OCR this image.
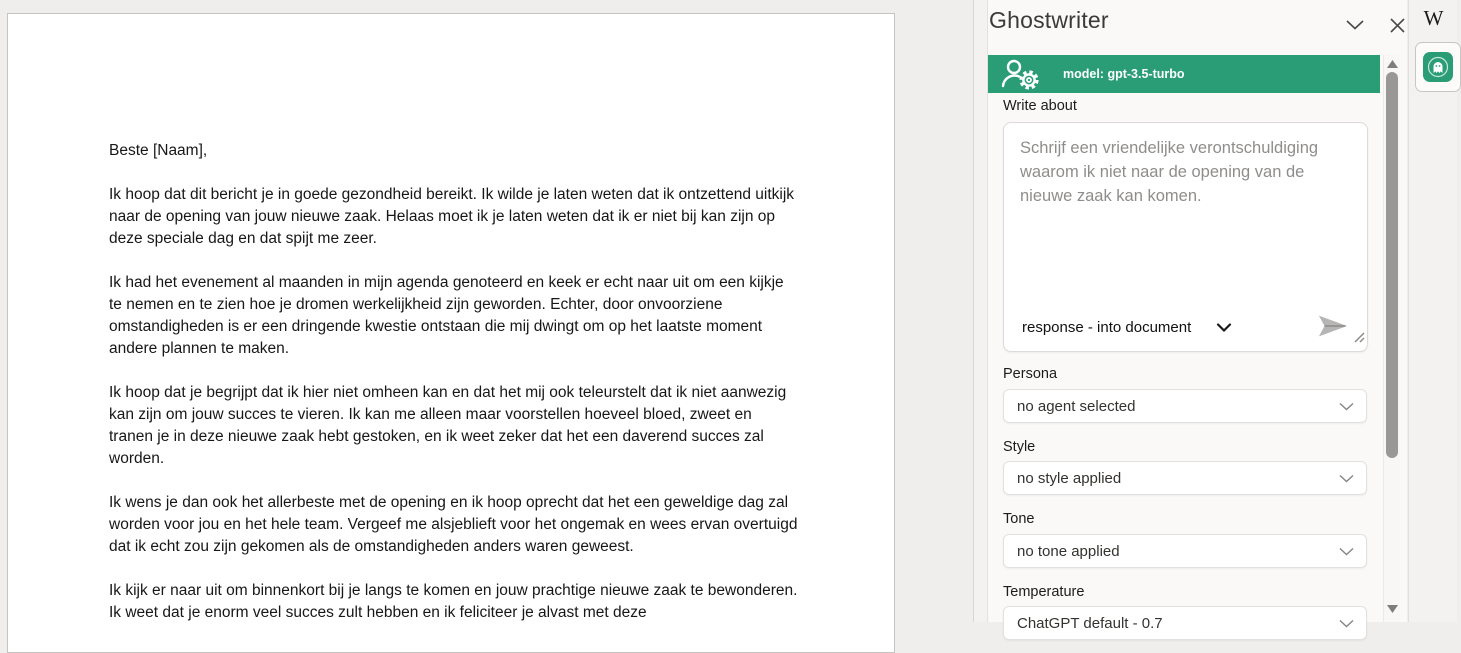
Beste [Naam],

Ik hoop dat dit bericht je in goede gezondheid bereikt. Ik wilde je laten weten dat ik ontzettend uitkijk naar de opening van jouw nieuwe zaak. Helaas moet ik je laten weten dat ik er niet bij kan zijn op deze speciale dag en dat spijt me zeer.

Ik had het evenement al maanden in mijn agenda genoteerd en keek er echt naar uit om een kijkje te nemen en te zien hoe je dromen werkelijkheid zijn geworden. Echter, door onvoorziene omstandigheden is er een dringende kwestie ontstaan die mij dwingt om op het laatste moment andere plannen te maken.

Ik hoop dat je begrijpt dat ik hier niet omheen kan en dat het mij ook teleurstelt dat ik niet aanwezig kan zijn om jouw succes te vieren. Ik kan me alleen maar voorstellen hoeveel bloed, zweet en tranen je in deze nieuwe zaak hebt gestoken, en ik weet zeker dat het een daverend succes zal worden.

Ik wens je dan ook het allerbeste met de opening en ik hoop oprecht dat het een geweldige dag zal worden voor jou en het hele team. Vergeef me alsjeblieft voor het ongemak en wees ervan overtuigd dat ik echt zou zijn gekomen als de omstandigheden anders waren geweest.

Ik kijk er naar uit om binnenkort bij je langs te komen en jouw prachtige nieuwe zaak te bewonderen. Ik weet dat je enorm veel succes zult hebben en ik feliciteer je alvast met deze

Ghostwriter
model: gpt-3.5-turbo
Write about
Schrijf een vriendelijke verontschuldiging waarom ik niet naar de opening van de nieuwe zaak kan komen.
response - into document
Persona
no agent selected
Style
no style applied
Tone
no tone applied
Temperature
ChatGPT default - 0.7
W
